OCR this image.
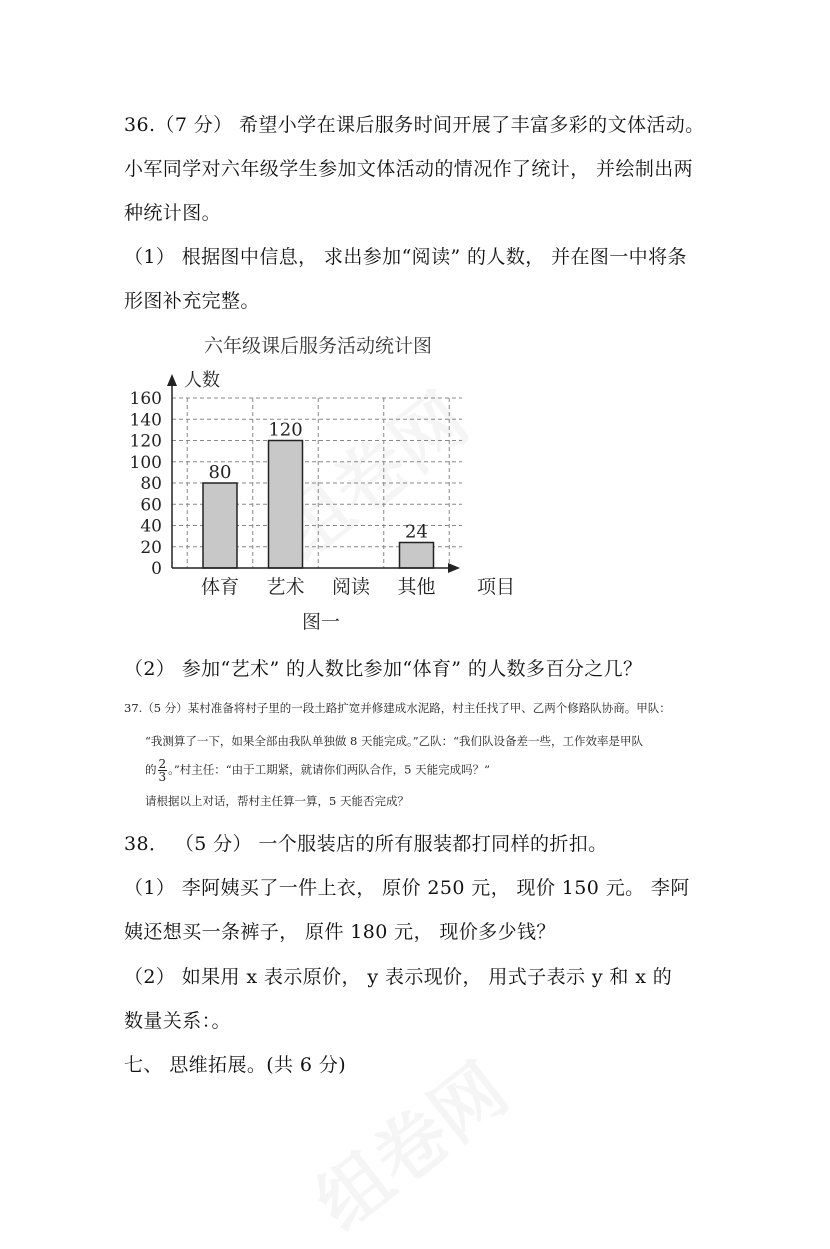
36.（7 分） 希望小学在课后服务时间开展了丰富多彩的文体活动。
小军同学对六年级学生参加文体活动的情况作了统计， 并绘制出两
种统计图。
（1） 根据图中信息， 求出参加“阅读” 的人数， 并在图一中将条
形图补充完整。
六年级课后服务活动统计图
﻿
人数
80
120
24
0
20
40
60
80
100
120
140
160
体育 艺术 阅读 其他 项目
图一
（2） 参加“艺术” 的人数比参加“体育” 的人数多百分之几？
37.（5 分）某村准备将村子里的一段土路扩宽并修建成水泥路，村主任找了甲、乙两个修路队协商。甲队：
“我测算了一下，如果全部由我队单独做 8 天能完成。”乙队：“我们队设备差一些，工作效率是甲队
的 $\frac{2}{3}$ 。”村主任：“由于工期紧，就请你们两队合作，5 天能完成吗？”
请根据以上对话，帮村主任算一算，5 天能否完成？
38． （5 分） 一个服装店的所有服装都打同样的折扣。
（1） 李阿姨买了一件上衣， 原价 250 元， 现价 150 元。 李阿
姨还想买一条裤子， 原件 180 元， 现价多少钱？
（2） 如果用 x 表示原价， y 表示现价， 用式子表示 y 和 x 的
数量关系：。
七、 思维拓展。(共 6 分)
